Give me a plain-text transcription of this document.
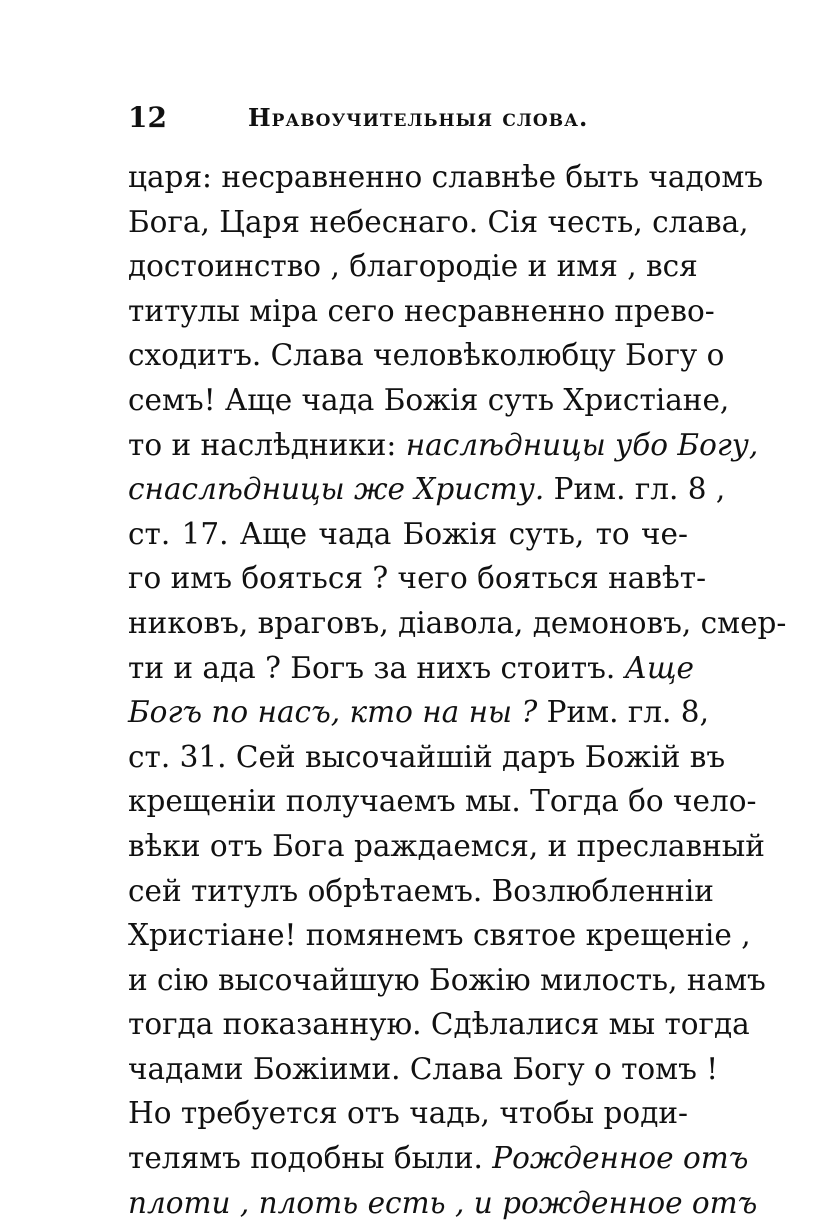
12	Нравоучительныя слова.
царя: несравненно славнѣе быть чадомъ
Бога, Царя небеснаго. Сія честь, слава,
достоинство , благородіе и имя , вся
титулы міра сего несравненно прево-
сходитъ. Слава человѣколюбцу Богу о
семъ! Аще чада Божія суть Христіане,
то и наслѣдники: наслѣдницы убо Богу,
снаслѣдницы же Христу. Рим. гл. 8 ,
ст. 17. Аще чада Божія суть, то че-
го имъ бояться ? чего бояться навѣт-
никовъ, враговъ, діавола, демоновъ, смер-
ти и ада ? Богъ за нихъ стоитъ. Аще
Богъ по насъ, кто на ны ? Рим. гл. 8,
ст. 31. Сей высочайшій даръ Божій въ
крещеніи получаемъ мы. Тогда бо чело-
вѣки отъ Бога раждаемся, и преславный
сей титулъ обрѣтаемъ. Возлюбленніи
Христіане! помянемъ святое крещеніе ,
и сію высочайшую Божію милость, намъ
тогда показанную. Сдѣлалися мы тогда
чадами Божіими. Слава Богу о томъ !
Но требуется отъ чадь, чтобы роди-
телямъ подобны были. Рожденное отъ
плоти , плоть есть , и рожденное отъ
